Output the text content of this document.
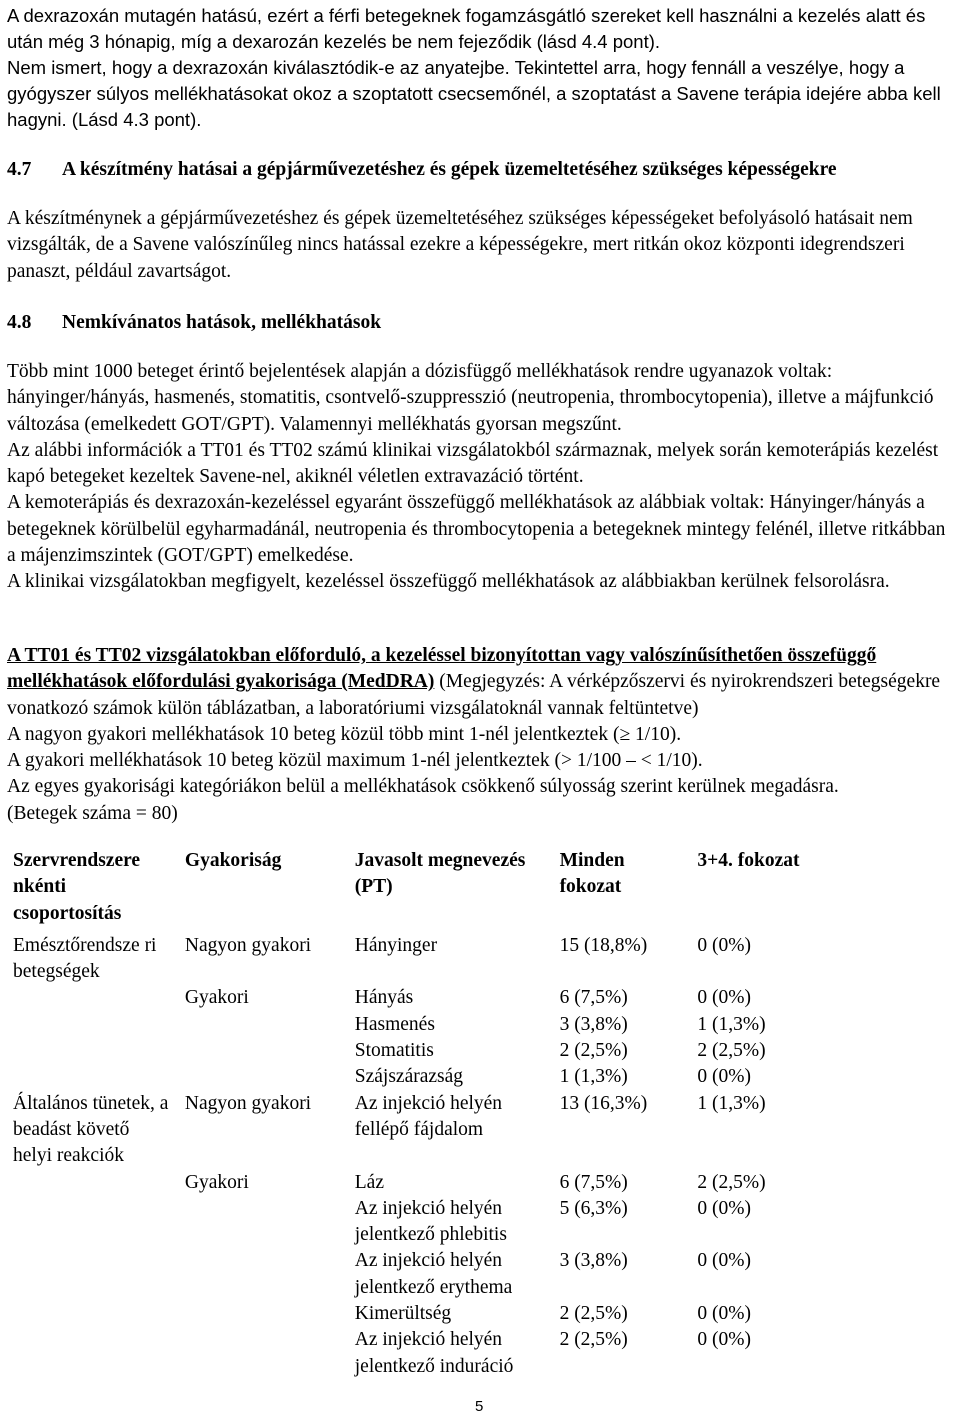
A dexrazoxán mutagén hatású, ezért a férfi betegeknek fogamzásgátló szereket kell használni a kezelés alatt és után még 3 hónapig, míg a dexarozán kezelés be nem fejeződik (lásd 4.4 pont).

Nem ismert, hogy a dexrazoxán kiválasztódik-e az anyatejbe. Tekintettel arra, hogy fennáll a veszélye, hogy a gyógyszer súlyos mellékhatásokat okoz a szoptatott csecsemőnél, a szoptatást a Savene terápia idejére abba kell hagyni. (Lásd 4.3 pont).

4.7 A készítmény hatásai a gépjárművezetéshez és gépek üzemeltetéséhez szükséges képességekre

A készítménynek a gépjárművezetéshez és gépek üzemeltetéséhez szükséges képességeket befolyásoló hatásait nem vizsgálták, de a Savene valószínűleg nincs hatással ezekre a képességekre, mert ritkán okoz központi idegrendszeri panaszt, például zavartságot.

4.8 Nemkívánatos hatások, mellékhatások

Több mint 1000 beteget érintő bejelentések alapján a dózisfüggő mellékhatások rendre ugyanazok voltak: hányinger/hányás, hasmenés, stomatitis, csontvelő-szuppresszió (neutropenia, thrombocytopenia), illetve a májfunkció változása (emelkedett GOT/GPT). Valamennyi mellékhatás gyorsan megszűnt.

Az alábbi információk a TT01 és TT02 számú klinikai vizsgálatokból származnak, melyek során kemoterápiás kezelést kapó betegeket kezeltek Savene-nel, akiknél véletlen extravazáció történt.

A kemoterápiás és dexrazoxán-kezeléssel egyaránt összefüggő mellékhatások az alábbiak voltak: Hányinger/hányás a betegeknek körülbelül egyharmadánál, neutropenia és thrombocytopenia a betegeknek mintegy felénél, illetve ritkábban a májenzimszintek (GOT/GPT) emelkedése.

A klinikai vizsgálatokban megfigyelt, kezeléssel összefüggő mellékhatások az alábbiakban kerülnek felsorolásra.

A TT01 és TT02 vizsgálatokban előforduló, a kezeléssel bizonyítottan vagy valószínűsíthetően összefüggő mellékhatások előfordulási gyakorisága (MedDRA) (Megjegyzés: A vérképzőszervi és nyirokrendszeri betegségekre vonatkozó számok külön táblázatban, a laboratóriumi vizsgálatoknál vannak feltüntetve)

A nagyon gyakori mellékhatások 10 beteg közül több mint 1-nél jelentkeztek (≥ 1/10).

A gyakori mellékhatások 10 beteg közül maximum 1-nél jelentkeztek (> 1/100 – < 1/10).

Az egyes gyakorisági kategóriákon belül a mellékhatások csökkenő súlyosság szerint kerülnek megadásra.

(Betegek száma = 80)

Szervrendszere nkénti csoportosítás	Gyakoriság	Javasolt megnevezés (PT)	Minden fokozat	3+4. fokozat
Emésztőrendsze ri betegségek	Nagyon gyakori	Hányinger	15 (18,8%)	0 (0%)
	Gyakori	Hányás	6 (7,5%)	0 (0%)
		Hasmenés	3 (3,8%)	1 (1,3%)
		Stomatitis	2 (2,5%)	2 (2,5%)
		Szájszárazság	1 (1,3%)	0 (0%)
Általános tünetek, a beadást követő helyi reakciók	Nagyon gyakori	Az injekció helyén fellépő fájdalom	13 (16,3%)	1 (1,3%)
	Gyakori	Láz	6 (7,5%)	2 (2,5%)
		Az injekció helyén jelentkező phlebitis	5 (6,3%)	0 (0%)
		Az injekció helyén jelentkező erythema	3 (3,8%)	0 (0%)
		Kimerültség	2 (2,5%)	0 (0%)
		Az injekció helyén jelentkező induráció	2 (2,5%)	0 (0%)
5
